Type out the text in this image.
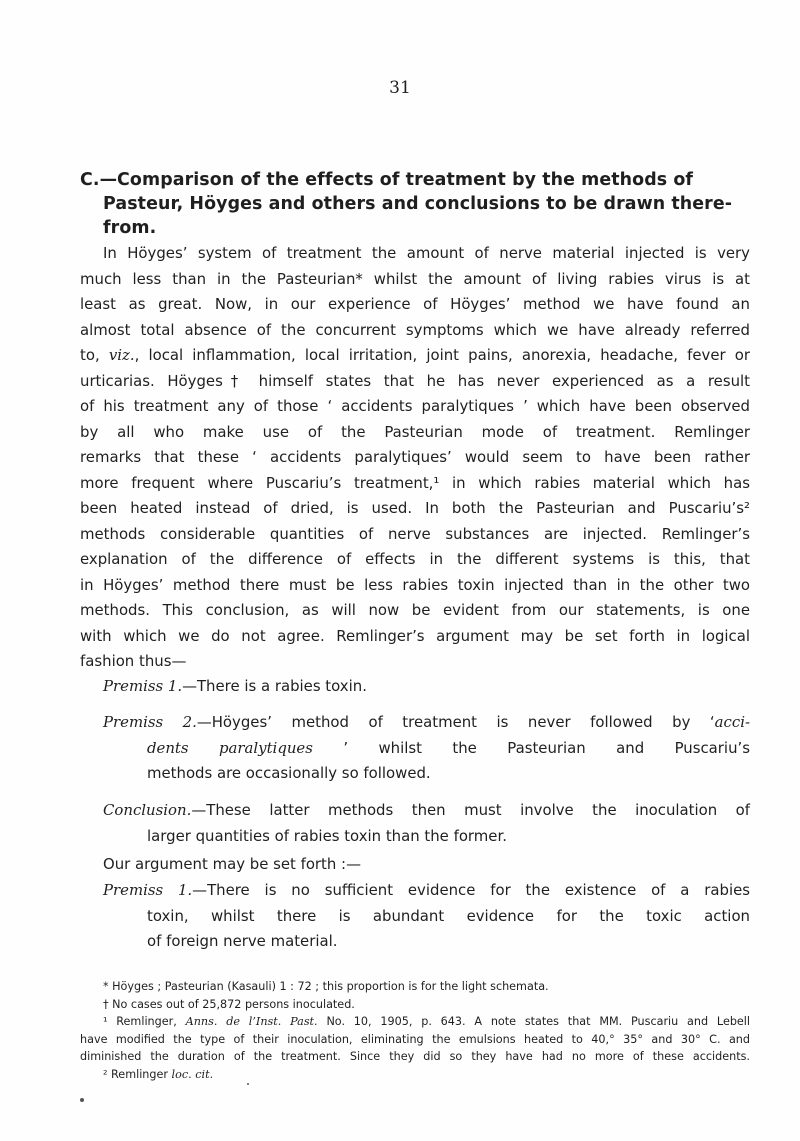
31
C.—Comparison of the effects of treatment by the methods of
Pasteur, Höyges and others and conclusions to be drawn there-
from.
In Höyges’ system of treatment the amount of nerve material injected is very
much less than in the Pasteurian* whilst the amount of living rabies virus is at
least as great. Now, in our experience of Höyges’ method we have found an
almost total absence of the concurrent symptoms which we have already referred
to, viz., local inflammation, local irritation, joint pains, anorexia, headache, fever or
urticarias. Höyges† himself states that he has never experienced as a result
of his treatment any of those ‘ accidents paralytiques ’ which have been observed
by all who make use of the Pasteurian mode of treatment. Remlinger
remarks that these ‘ accidents paralytiques’ would seem to have been rather
more frequent where Puscariu’s treatment,¹ in which rabies material which has
been heated instead of dried, is used. In both the Pasteurian and Puscariu’s²
methods considerable quantities of nerve substances are injected. Remlinger’s
explanation of the difference of effects in the different systems is this, that
in Höyges’ method there must be less rabies toxin injected than in the other two
methods. This conclusion, as will now be evident from our statements, is one
with which we do not agree. Remlinger’s argument may be set forth in logical
fashion thus—
Premiss 1.—There is a rabies toxin.
Premiss 2.—Höyges’ method of treatment is never followed by ‘acci-
dents paralytiques ’ whilst the Pasteurian and Puscariu’s
methods are occasionally so followed.
Conclusion.—These latter methods then must involve the inoculation of
larger quantities of rabies toxin than the former.
Our argument may be set forth :—
Premiss 1.—There is no sufficient evidence for the existence of a rabies
toxin, whilst there is abundant evidence for the toxic action
of foreign nerve material.
* Höyges ; Pasteurian (Kasauli) 1 : 72 ; this proportion is for the light schemata.
† No cases out of 25,872 persons inoculated.
¹ Remlinger, Anns. de l’Inst. Past. No. 10, 1905, p. 643. A note states that MM. Puscariu and Lebell
have modified the type of their inoculation, eliminating the emulsions heated to 40,° 35° and 30° C. and
diminished the duration of the treatment. Since they did so they have had no more of these accidents.
² Remlinger loc. cit.
